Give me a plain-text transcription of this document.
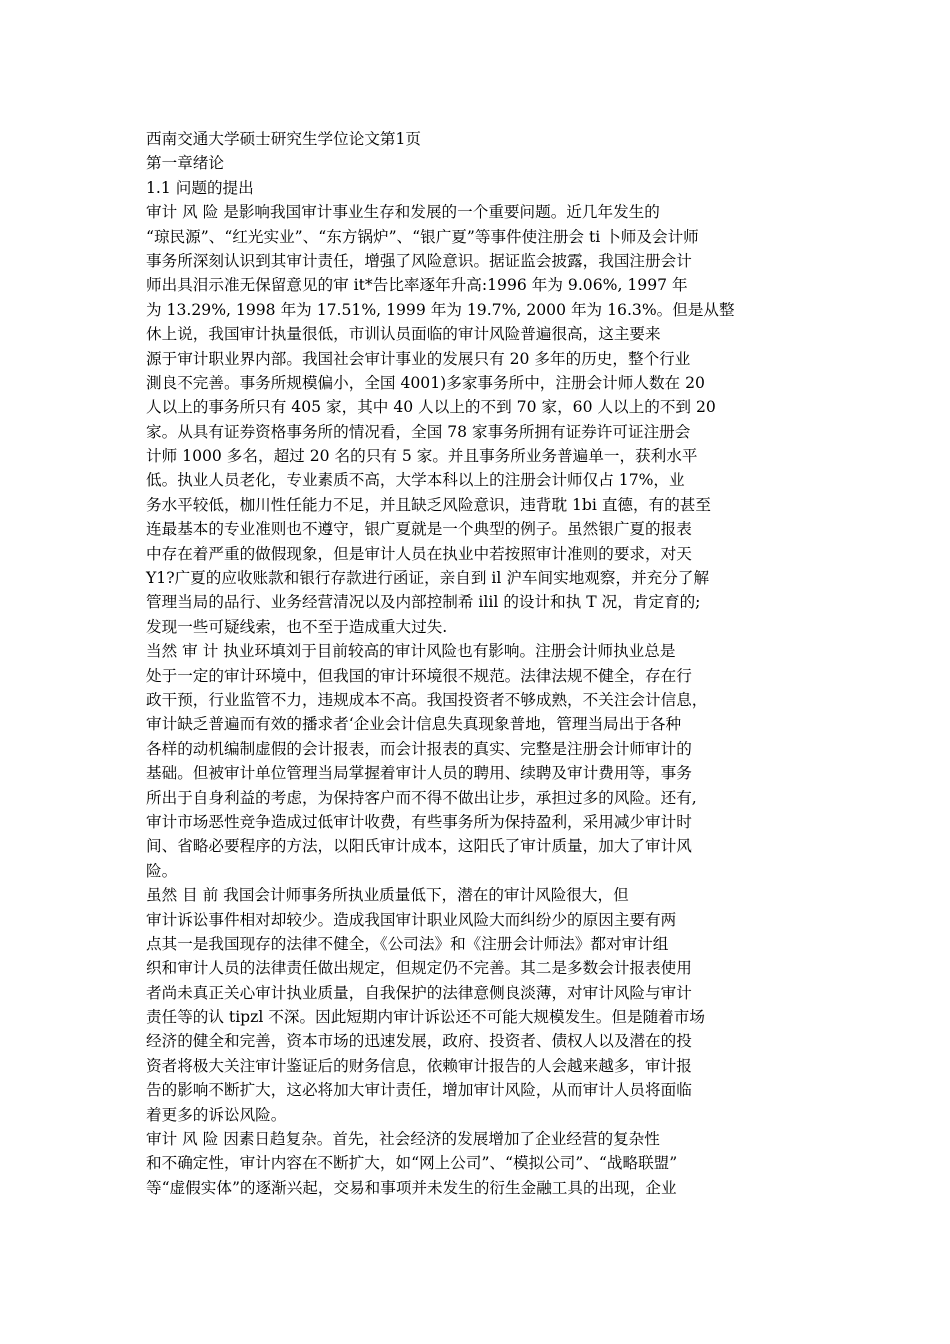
西南交通大学硕士研究生学位论文第1页
第一章绪论
1.1 问题的提出
审计 风 险 是影响我国审计事业生存和发展的一个重要问题。近几年发生的
“琼民源”、“红光实业”、“东方锅炉”、“银广夏”等事件使注册会 ti 卜师及会计师
事务所深刻认识到其审计责任，增强了风险意识。据证监会披露，我国注册会计
师出具泪示准无保留意见的审 it*告比率逐年升高:1996 年为 9.06%, 1997 年
为 13.29%, 1998 年为 17.51%, 1999 年为 19.7%, 2000 年为 16.3%。但是从整
休上说，我国审计执量很低，市训认员面临的审计风险普遍很高，这主要来
源于审计职业界内部。我国社会审计事业的发展只有 20 多年的历史，整个行业
測良不完善。事务所规模偏小，全国 4001)多家事务所中，注册会计师人数在 20
人以上的事务所只有 405 家，其中 40 人以上的不到 70 家，60 人以上的不到 20
家。从具有证券资格事务所的情况看，全国 78 家事务所拥有证券许可证注册会
计师 1000 多名，超过 20 名的只有 5 家。并且事务所业务普遍单一，获利水平
低。执业人员老化，专业素质不高，大学本科以上的注册会计师仅占 17%，业
务水平较低，枷川性任能力不足，并且缺乏风险意识，违背耽 1bi 直德，有的甚至
连最基本的专业准则也不遵守，银广夏就是一个典型的例子。虽然银广夏的报表
中存在着严重的做假现象，但是审计人员在执业中若按照审计准则的要求，对天
Y1?广夏的应收账款和银行存款进行函证，亲自到 il 沪车间实地观察，并充分了解
管理当局的品行、业务经营清况以及内部控制希 ilil 的设计和执 T 况，肯定育的;
发现一些可疑线索，也不至于造成重大过失.
当然 审 计 执业环填刘于目前较高的审计风险也有影响。注册会计师执业总是
处于一定的审计环境中，但我国的审计环境很不规范。法律法规不健全，存在行
政干预，行业监管不力，违规成本不高。我国投资者不够成熟，不关注会计信息，
审计缺乏普遍而有效的播求者‘企业会计信息失真现象普地，管理当局出于各种
各样的动机编制虚假的会计报表，而会计报表的真实、完整是注册会计师审计的
基础。但被审计单位管理当局掌握着审计人员的聘用、续聘及审计费用等，事务
所出于自身利益的考虑，为保持客户而不得不做出让步，承担过多的风险。还有,
审计市场恶性竞争造成过低审计收费，有些事务所为保持盈利，采用减少审计时
间、省略必要程序的方法，以阳氏审计成本，这阳氏了审计质量，加大了审计风
险。
虽然 目 前 我国会计师事务所执业质量低下，潜在的审计风险很大，但
审计诉讼事件相对却较少。造成我国审计职业风险大而纠纷少的原因主要有两
点其一是我国现存的法律不健全，《公司法》和《注册会计师法》都对审计组
织和审计人员的法律责任做出规定，但规定仍不完善。其二是多数会计报表使用
者尚未真正关心审计执业质量，自我保护的法律意侧良淡薄，对审计风险与审计
责任等的认 tipzl 不深。因此短期内审计诉讼还不可能大规模发生。但是随着市场
经济的健全和完善，资本市场的迅速发展，政府、投资者、债权人以及潜在的投
资者将极大关注审计鉴证后的财务信息，依赖审计报告的人会越来越多，审计报
告的影响不断扩大，这必将加大审计责任，增加审计风险，从而审计人员将面临
着更多的诉讼风险。
审计 风 险 因素日趋复杂。首先，社会经济的发展增加了企业经营的复杂性
和不确定性，审计内容在不断扩大，如“网上公司”、“模拟公司”、“战略联盟”
等“虚假实体”的逐渐兴起，交易和事项并未发生的衍生金融工具的出现，企业
